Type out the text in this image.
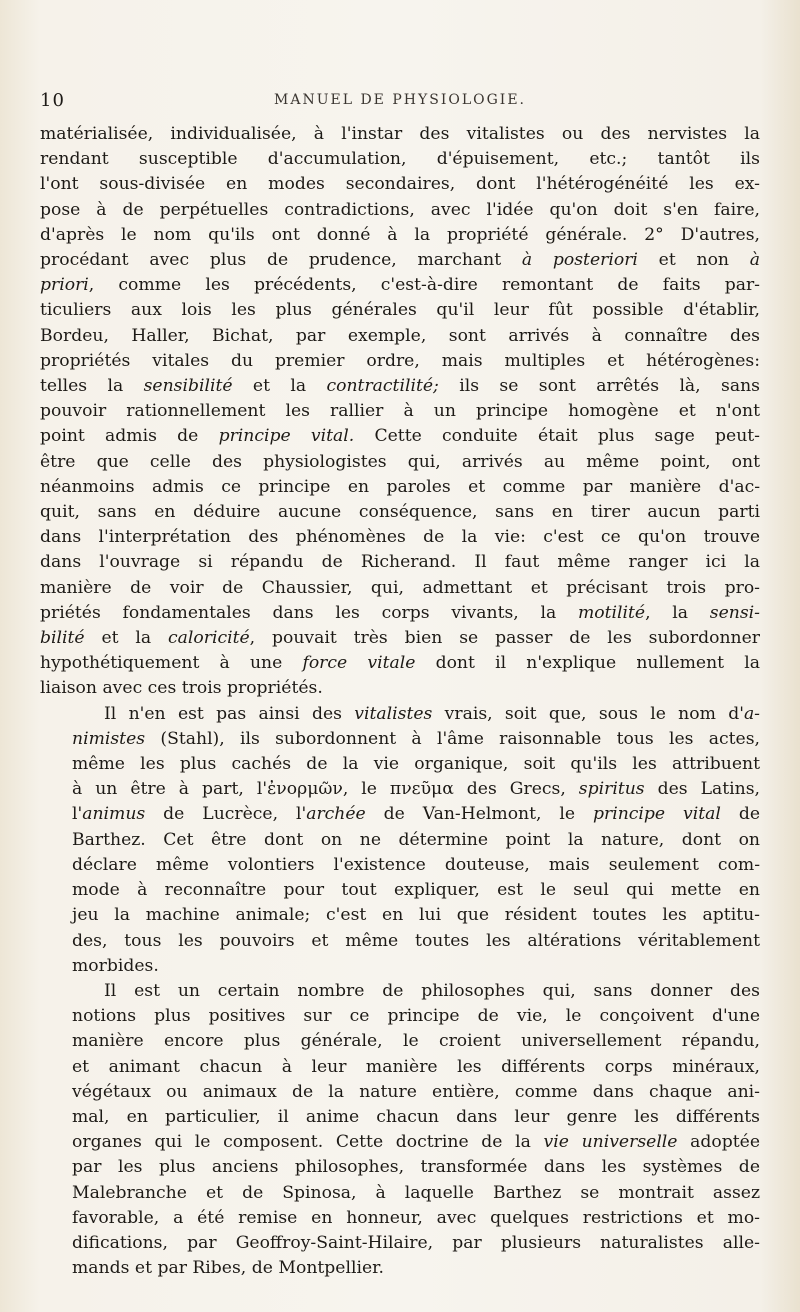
10	MANUEL DE PHYSIOLOGIE.

matérialisée, individualisée, à l'instar des vitalistes ou des nervistes la
rendant susceptible d'accumulation, d'épuisement, etc.; tantôt ils
l'ont sous-divisée en modes secondaires, dont l'hétérogénéité les ex-
pose à de perpétuelles contradictions, avec l'idée qu'on doit s'en faire,
d'après le nom qu'ils ont donné à la propriété générale. 2° D'autres,
procédant avec plus de prudence, marchant à posteriori et non à
priori, comme les précédents, c'est-à-dire remontant de faits par-
ticuliers aux lois les plus générales qu'il leur fût possible d'établir,
Bordeu, Haller, Bichat, par exemple, sont arrivés à connaître des
propriétés vitales du premier ordre, mais multiples et hétérogènes:
telles la sensibilité et la contractilité; ils se sont arrêtés là, sans
pouvoir rationnellement les rallier à un principe homogène et n'ont
point admis de principe vital. Cette conduite était plus sage peut-
être que celle des physiologistes qui, arrivés au même point, ont
néanmoins admis ce principe en paroles et comme par manière d'ac-
quit, sans en déduire aucune conséquence, sans en tirer aucun parti
dans l'interprétation des phénomènes de la vie: c'est ce qu'on trouve
dans l'ouvrage si répandu de Richerand. Il faut même ranger ici la
manière de voir de Chaussier, qui, admettant et précisant trois pro-
priétés fondamentales dans les corps vivants, la motilité, la sensi-
bilité et la caloricité, pouvait très bien se passer de les subordonner
hypothétiquement à une force vitale dont il n'explique nullement la
liaison avec ces trois propriétés.

Il n'en est pas ainsi des vitalistes vrais, soit que, sous le nom d'a-
nimistes (Stahl), ils subordonnent à l'âme raisonnable tous les actes,
même les plus cachés de la vie organique, soit qu'ils les attribuent
à un être à part, l'ἐνορμῶν, le πνεῦμα des Grecs, spiritus des Latins,
l'animus de Lucrèce, l'archée de Van-Helmont, le principe vital de
Barthez. Cet être dont on ne détermine point la nature, dont on
déclare même volontiers l'existence douteuse, mais seulement com-
mode à reconnaître pour tout expliquer, est le seul qui mette en
jeu la machine animale; c'est en lui que résident toutes les aptitu-
des, tous les pouvoirs et même toutes les altérations véritablement
morbides.

Il est un certain nombre de philosophes qui, sans donner des
notions plus positives sur ce principe de vie, le conçoivent d'une
manière encore plus générale, le croient universellement répandu,
et animant chacun à leur manière les différents corps minéraux,
végétaux ou animaux de la nature entière, comme dans chaque ani-
mal, en particulier, il anime chacun dans leur genre les différents
organes qui le composent. Cette doctrine de la vie universelle adoptée
par les plus anciens philosophes, transformée dans les systèmes de
Malebranche et de Spinosa, à laquelle Barthez se montrait assez
favorable, a été remise en honneur, avec quelques restrictions et mo-
difications, par Geoffroy-Saint-Hilaire, par plusieurs naturalistes alle-
mands et par Ribes, de Montpellier.
